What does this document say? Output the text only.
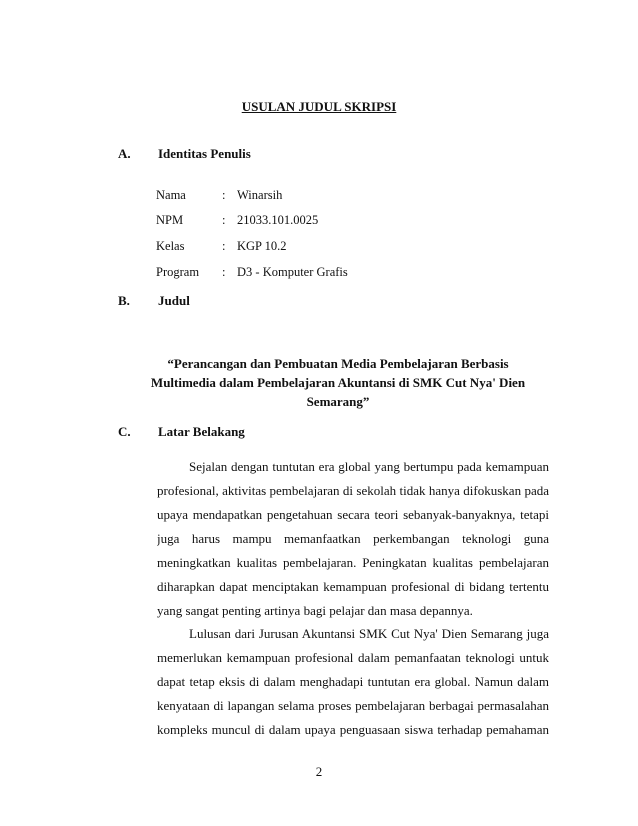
USULAN JUDUL SKRIPSI
A. Identitas Penulis
Nama	: Winarsih
NPM	: 21033.101.0025
Kelas	: KGP 10.2
Program : D3 - Komputer Grafis
B. Judul
“Perancangan dan Pembuatan Media Pembelajaran Berbasis
Multimedia dalam Pembelajaran Akuntansi di SMK Cut Nya' Dien
Semarang”
C. Latar Belakang
Sejalan dengan tuntutan era global yang bertumpu pada kemampuan
profesional, aktivitas pembelajaran di sekolah tidak hanya difokuskan pada
upaya mendapatkan pengetahuan secara teori sebanyak-banyaknya, tetapi
juga harus mampu memanfaatkan perkembangan teknologi guna
meningkatkan kualitas pembelajaran. Peningkatan kualitas pembelajaran
diharapkan dapat menciptakan kemampuan profesional di bidang tertentu
yang sangat penting artinya bagi pelajar dan masa depannya.
Lulusan dari Jurusan Akuntansi SMK Cut Nya' Dien Semarang juga
memerlukan kemampuan profesional dalam pemanfaatan teknologi untuk
dapat tetap eksis di dalam menghadapi tuntutan era global. Namun dalam
kenyataan di lapangan selama proses pembelajaran berbagai permasalahan
kompleks muncul di dalam upaya penguasaan siswa terhadap pemahaman
2
